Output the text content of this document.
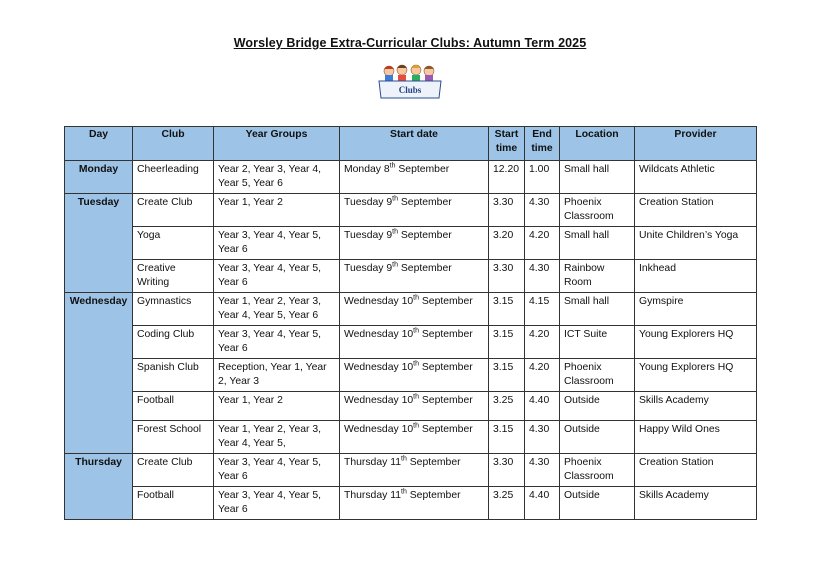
Worsley Bridge Extra-Curricular Clubs: Autumn Term 2025
Clubs
Day	Club	Year Groups	Start date	Start time	End time	Location	Provider
Monday	Cheerleading	Year 2, Year 3, Year 4, Year 5, Year 6	Monday 8th September	12.20	1.00	Small hall	Wildcats Athletic
Tuesday	Create Club	Year 1, Year 2	Tuesday 9th September	3.30	4.30	Phoenix Classroom	Creation Station
	Yoga	Year 3, Year 4, Year 5, Year 6	Tuesday 9th September	3.20	4.20	Small hall	Unite Children’s Yoga
	Creative Writing	Year 3, Year 4, Year 5, Year 6	Tuesday 9th September	3.30	4.30	Rainbow Room	Inkhead
Wednesday	Gymnastics	Year 1, Year 2, Year 3, Year 4, Year 5, Year 6	Wednesday 10th September	3.15	4.15	Small hall	Gymspire
	Coding Club	Year 3, Year 4, Year 5, Year 6	Wednesday 10th September	3.15	4.20	ICT Suite	Young Explorers HQ
	Spanish Club	Reception, Year 1, Year 2, Year 3	Wednesday 10th September	3.15	4.20	Phoenix Classroom	Young Explorers HQ
	Football	Year 1, Year 2	Wednesday 10th September	3.25	4.40	Outside	Skills Academy
	Forest School	Year 1, Year 2, Year 3, Year 4, Year 5,	Wednesday 10th September	3.15	4.30	Outside	Happy Wild Ones
Thursday	Create Club	Year 3, Year 4, Year 5, Year 6	Thursday 11th September	3.30	4.30	Phoenix Classroom	Creation Station
	Football	Year 3, Year 4, Year 5, Year 6	Thursday 11th September	3.25	4.40	Outside	Skills Academy
